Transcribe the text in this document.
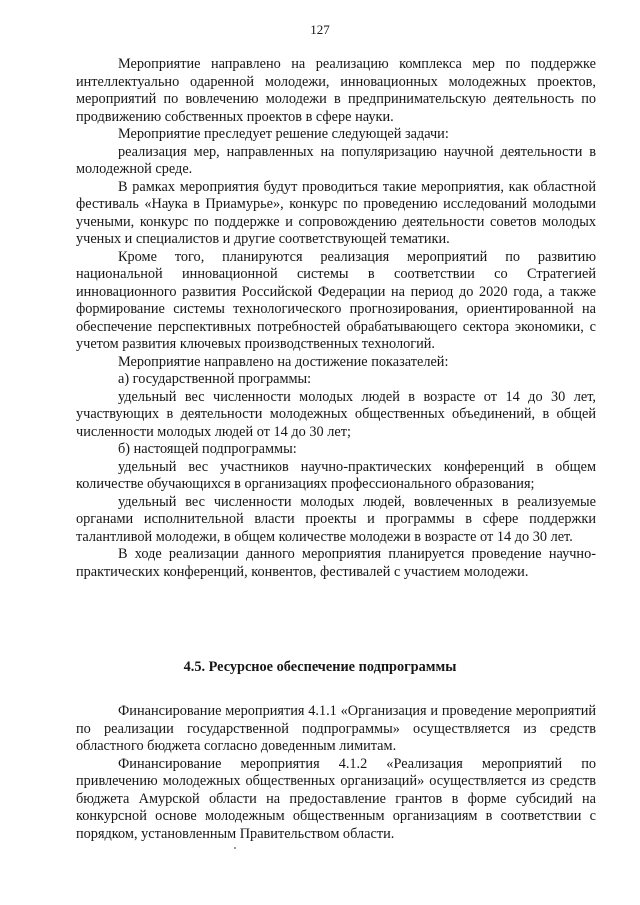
127

Мероприятие направлено на реализацию комплекса мер по поддержке интеллектуально одаренной молодежи, инновационных молодежных проектов, мероприятий по вовлечению молодежи в предпринимательскую деятельность по продвижению собственных проектов в сфере науки.

Мероприятие преследует решение следующей задачи:

реализация мер, направленных на популяризацию научной деятельности в молодежной среде.

В рамках мероприятия будут проводиться такие мероприятия, как областной фестиваль «Наука в Приамурье», конкурс по проведению исследований молодыми учеными, конкурс по поддержке и сопровождению деятельности советов молодых ученых и специалистов и другие соответствующей тематики.

Кроме того, планируются реализация мероприятий по развитию национальной инновационной системы в соответствии со Стратегией инновационного развития Российской Федерации на период до 2020 года, а также формирование системы технологического прогнозирования, ориентированной на обеспечение перспективных потребностей обрабатывающего сектора экономики, с учетом развития ключевых производственных технологий.

Мероприятие направлено на достижение показателей:

а) государственной программы:

удельный вес численности молодых людей в возрасте от 14 до 30 лет, участвующих в деятельности молодежных общественных объединений, в общей численности молодых людей от 14 до 30 лет;

б) настоящей подпрограммы:

удельный вес участников научно-практических конференций в общем количестве обучающихся в организациях профессионального образования;

удельный вес численности молодых людей, вовлеченных в реализуемые органами исполнительной власти проекты и программы в сфере поддержки талантливой молодежи, в общем количестве молодежи в возрасте от 14 до 30 лет.

В ходе реализации данного мероприятия планируется проведение научно-практических конференций, конвентов, фестивалей с участием молодежи.

4.5. Ресурсное обеспечение подпрограммы

Финансирование мероприятия 4.1.1 «Организация и проведение мероприятий по реализации государственной подпрограммы» осуществляется из средств областного бюджета согласно доведенным лимитам.

Финансирование мероприятия 4.1.2 «Реализация мероприятий по привлечению молодежных общественных организаций» осуществляется из средств бюджета Амурской области на предоставление грантов в форме субсидий на конкурсной основе молодежным общественным организациям в соответствии с порядком, установленным Правительством области.
